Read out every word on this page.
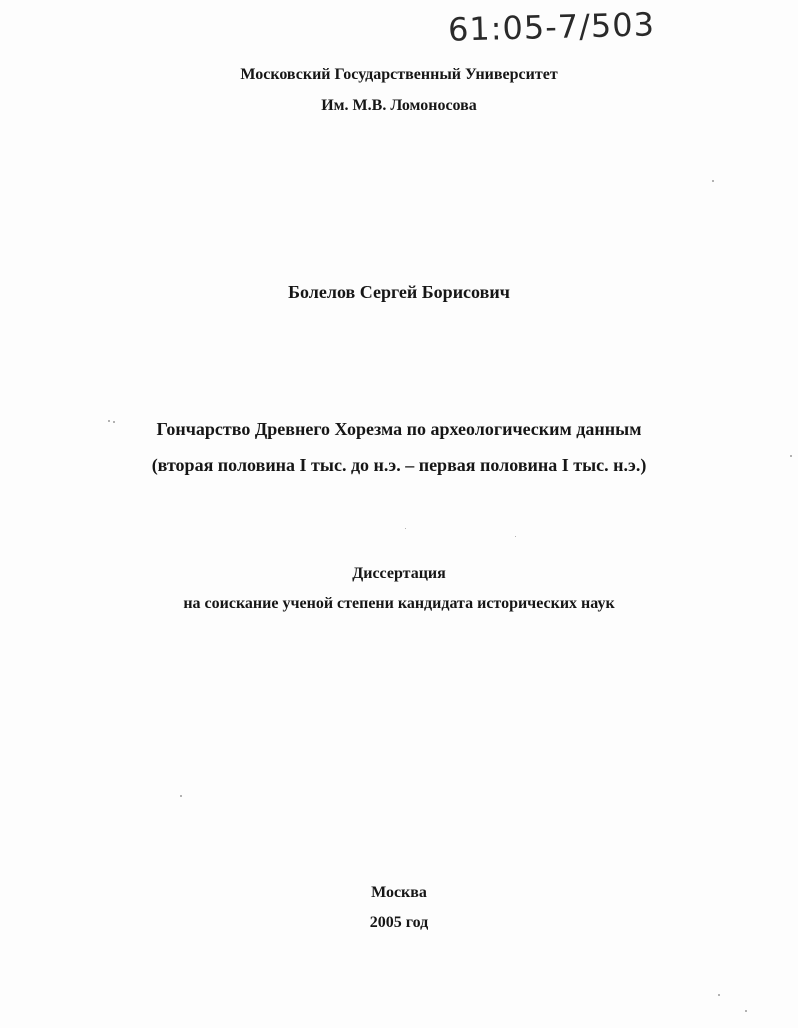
61:05-7/503
Московский Государственный Университет
Им. М.В. Ломоносова
Болелов Сергей Борисович
Гончарство Древнего Хорезма по археологическим данным
(вторая половина I тыс. до н.э. – первая половина I тыс. н.э.)
Диссертация
на соискание ученой степени кандидата исторических наук
Москва
2005 год
